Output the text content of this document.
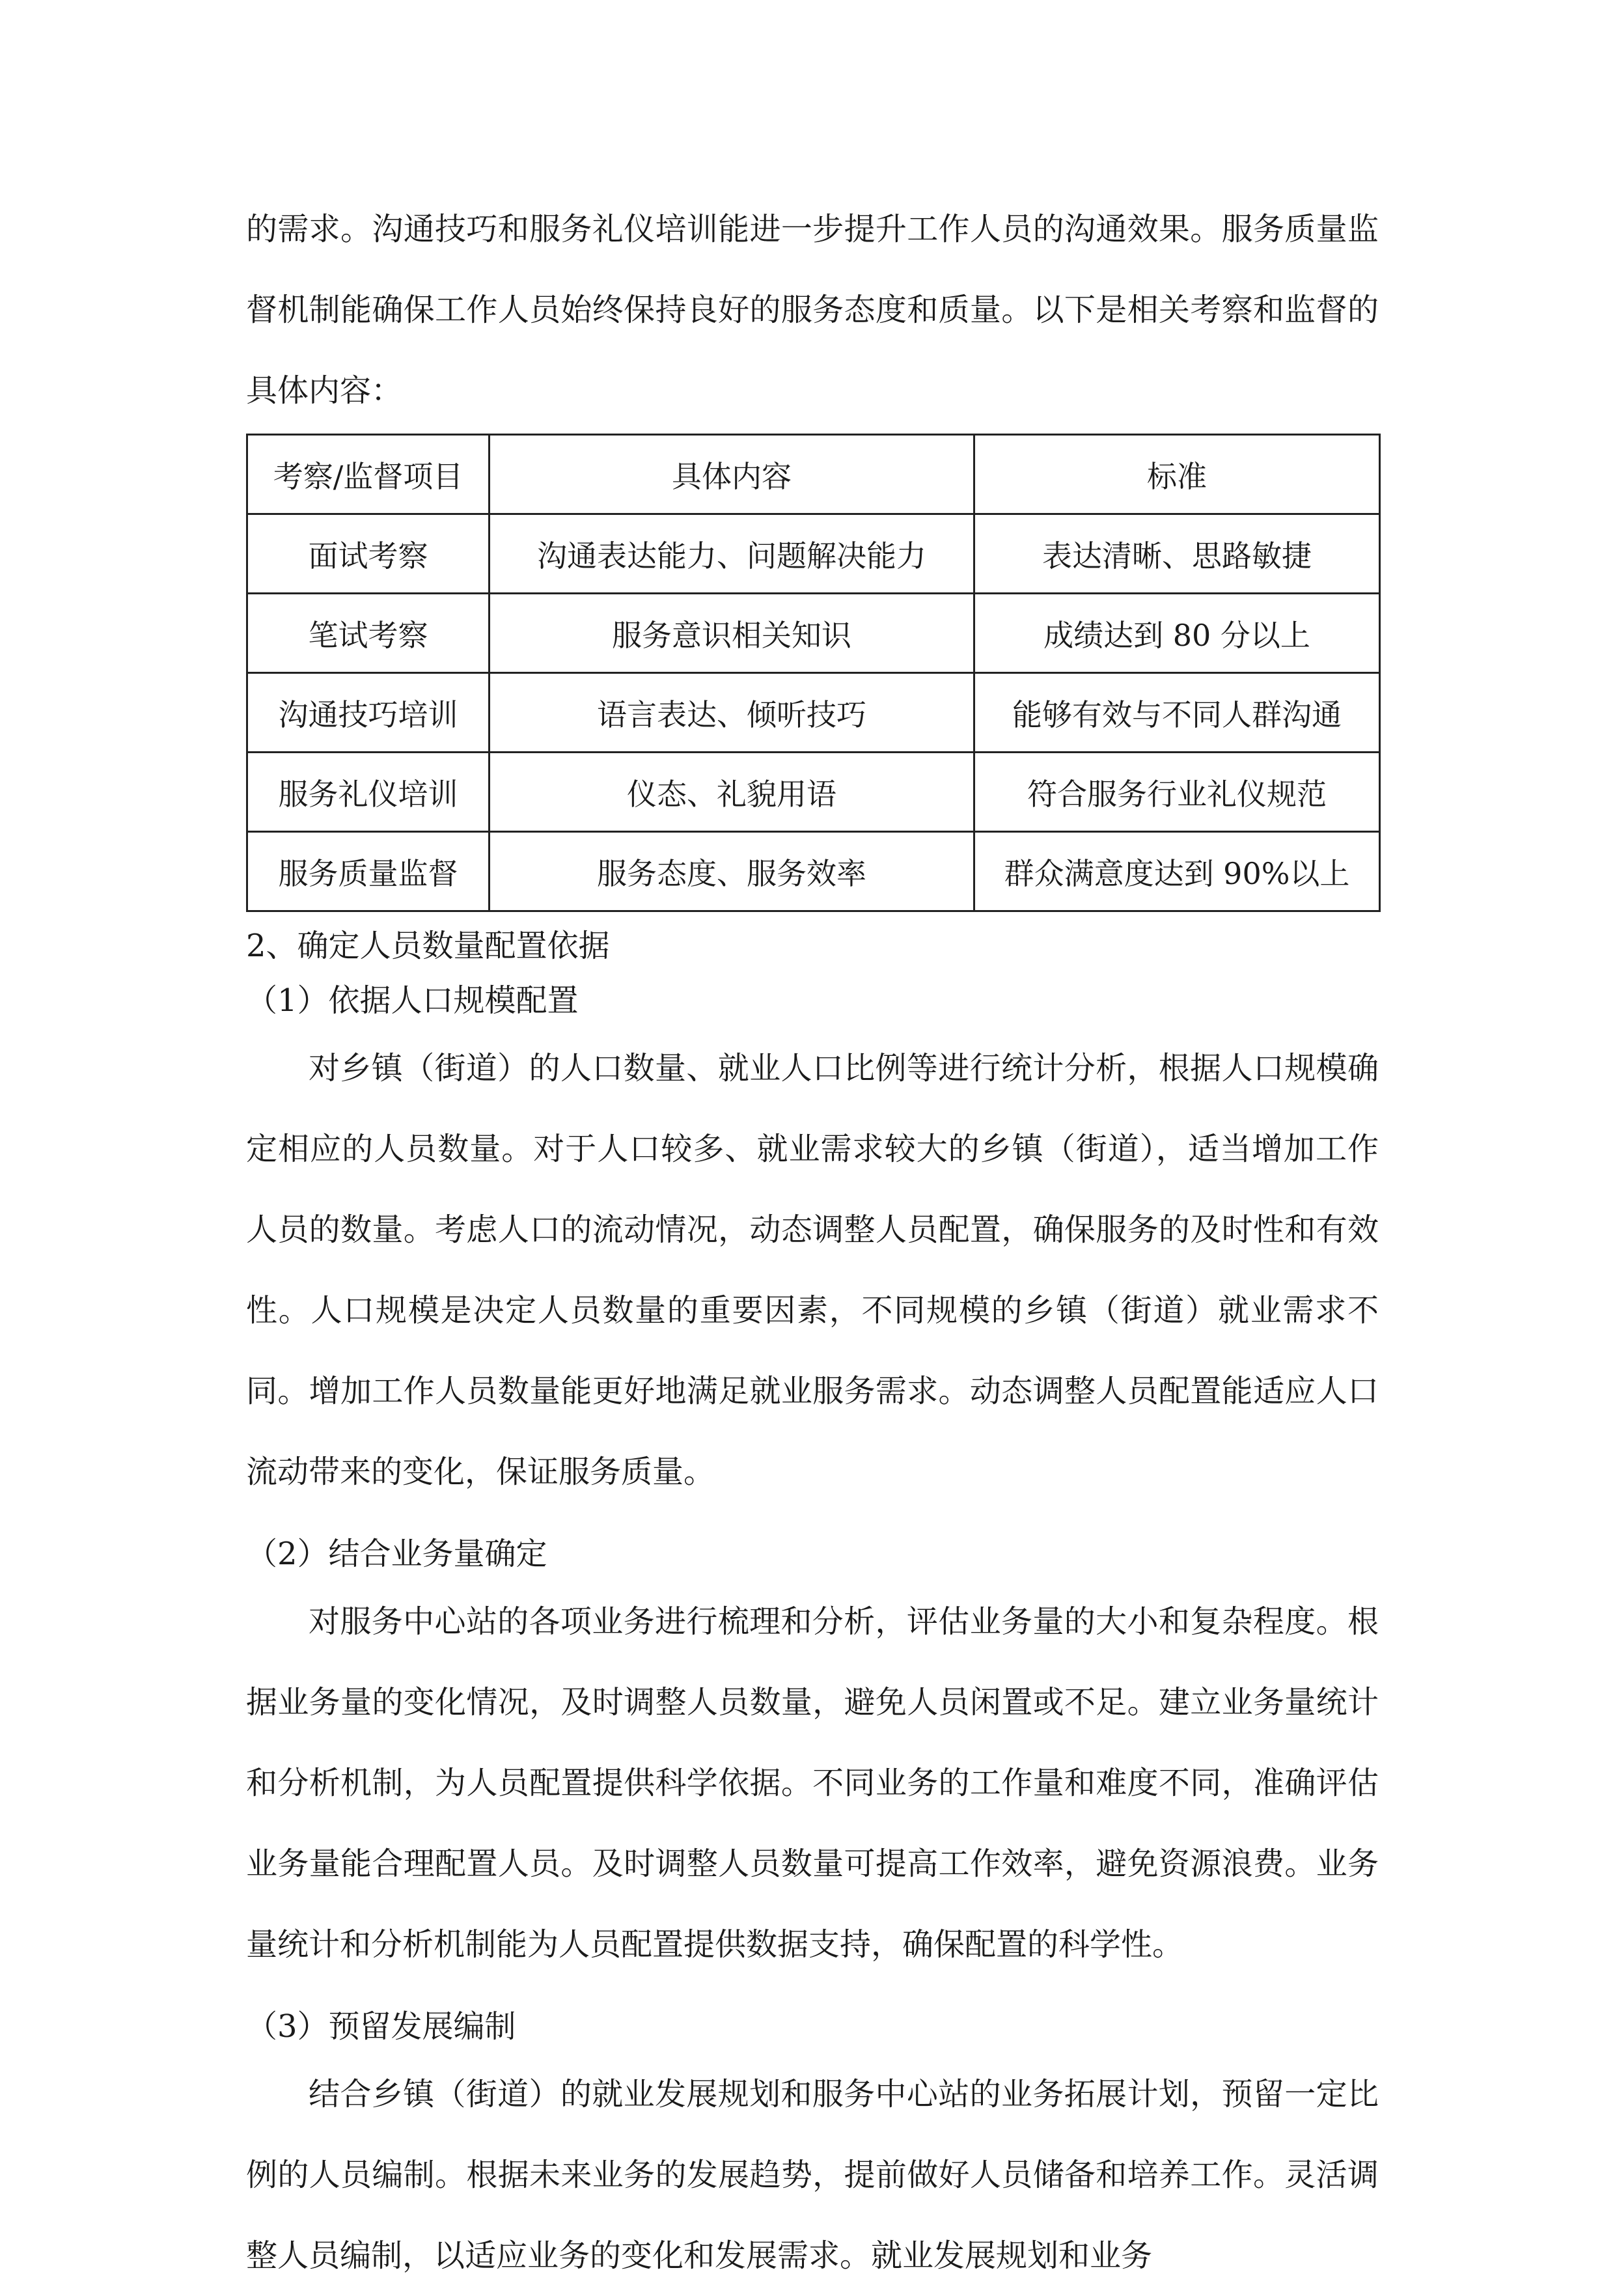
的需求。沟通技巧和服务礼仪培训能进一步提升工作人员的沟通效果。服务质量监督机制能确保工作人员始终保持良好的服务态度和质量。以下是相关考察和监督的具体内容：

考察/监督项目	具体内容	标准
面试考察	沟通表达能力、问题解决能力	表达清晰、思路敏捷
笔试考察	服务意识相关知识	成绩达到 80 分以上
沟通技巧培训	语言表达、倾听技巧	能够有效与不同人群沟通
服务礼仪培训	仪态、礼貌用语	符合服务行业礼仪规范
服务质量监督	服务态度、服务效率	群众满意度达到 90%以上

2、确定人员数量配置依据

（1）依据人口规模配置

对乡镇（街道）的人口数量、就业人口比例等进行统计分析，根据人口规模确定相应的人员数量。对于人口较多、就业需求较大的乡镇（街道），适当增加工作人员的数量。考虑人口的流动情况，动态调整人员配置，确保服务的及时性和有效性。人口规模是决定人员数量的重要因素，不同规模的乡镇（街道）就业需求不同。增加工作人员数量能更好地满足就业服务需求。动态调整人员配置能适应人口流动带来的变化，保证服务质量。

（2）结合业务量确定

对服务中心站的各项业务进行梳理和分析，评估业务量的大小和复杂程度。根据业务量的变化情况，及时调整人员数量，避免人员闲置或不足。建立业务量统计和分析机制，为人员配置提供科学依据。不同业务的工作量和难度不同，准确评估业务量能合理配置人员。及时调整人员数量可提高工作效率，避免资源浪费。业务量统计和分析机制能为人员配置提供数据支持，确保配置的科学性。

（3）预留发展编制

结合乡镇（街道）的就业发展规划和服务中心站的业务拓展计划，预留一定比例的人员编制。根据未来业务的发展趋势，提前做好人员储备和培养工作。灵活调整人员编制，以适应业务的变化和发展需求。就业发展规划和业务
